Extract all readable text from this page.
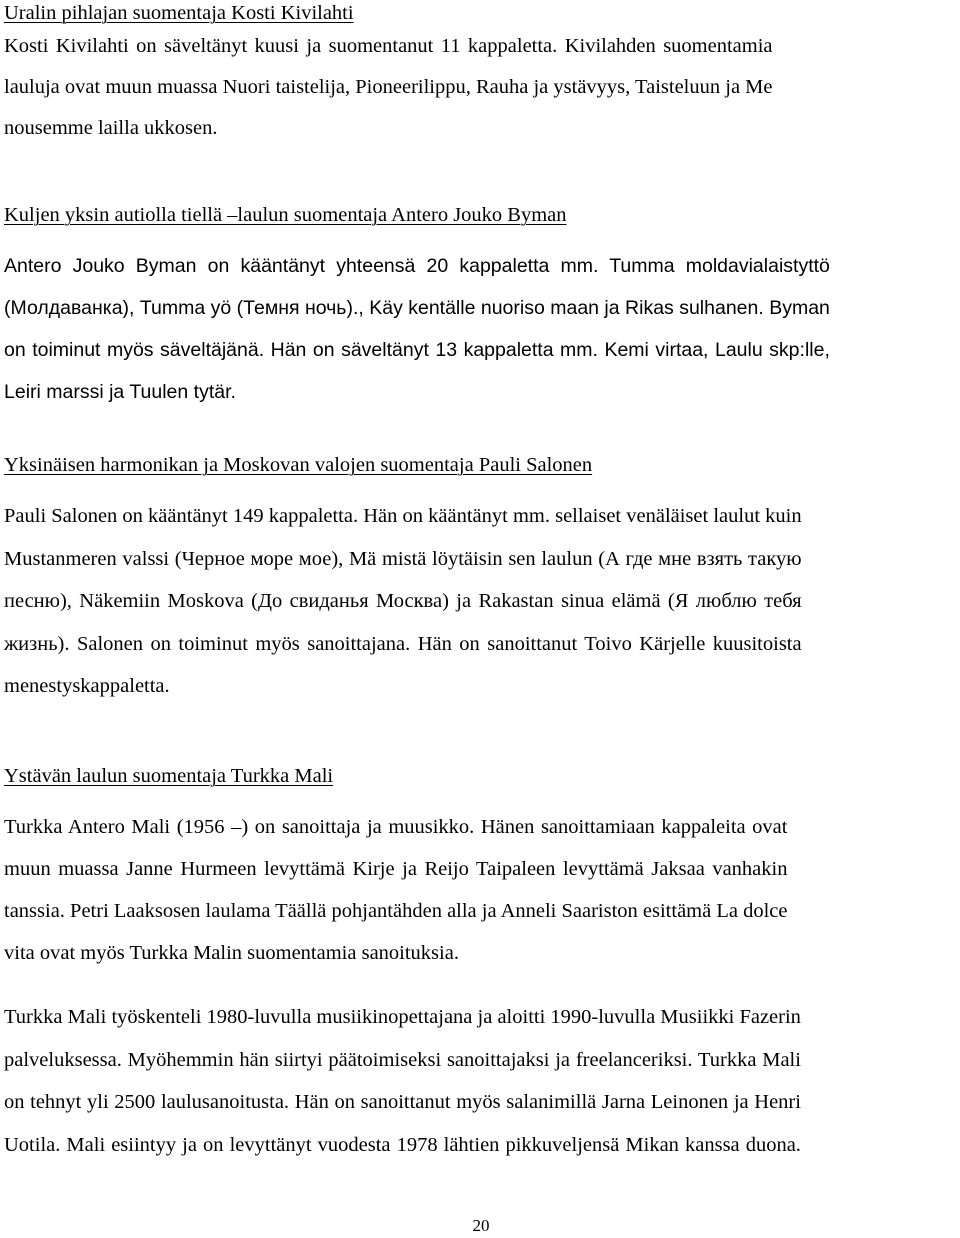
Uralin pihlajan suomentaja Kosti Kivilahti

Kosti Kivilahti on säveltänyt kuusi ja suomentanut 11 kappaletta. Kivilahden suomentamia
lauluja ovat muun muassa Nuori taistelija, Pioneerilippu, Rauha ja ystävyys, Taisteluun ja Me
nousemme lailla ukkosen.

Kuljen yksin autiolla tiellä –laulun suomentaja Antero Jouko Byman

Antero Jouko Byman on kääntänyt yhteensä 20 kappaletta mm. Tumma moldavialaistyttö
(Молдаванка), Tumma yö (Темня ночь)., Käy kentälle nuoriso maan ja Rikas sulhanen. Byman
on toiminut myös säveltäjänä. Hän on säveltänyt 13 kappaletta mm. Kemi virtaa, Laulu skp:lle,
Leiri marssi ja Tuulen tytär.

Yksinäisen harmonikan ja Moskovan valojen suomentaja Pauli Salonen

Pauli Salonen on kääntänyt 149 kappaletta. Hän on kääntänyt mm. sellaiset venäläiset laulut kuin
Mustanmeren valssi (Черное море мое), Mä mistä löytäisin sen laulun (А где мне взять такую
песню), Näkemiin Moskova (До свиданья Москва) ja Rakastan sinua elämä (Я люблю тебя
жизнь). Salonen on toiminut myös sanoittajana. Hän on sanoittanut Toivo Kärjelle kuusitoista
menestyskappaletta.

Ystävän laulun suomentaja Turkka Mali

Turkka Antero Mali (1956 –) on sanoittaja ja muusikko. Hänen sanoittamiaan kappaleita ovat
muun muassa Janne Hurmeen levyttämä Kirje ja Reijo Taipaleen levyttämä Jaksaa vanhakin
tanssia. Petri Laaksosen laulama Täällä pohjantähden alla ja Anneli Saariston esittämä La dolce
vita ovat myös Turkka Malin suomentamia sanoituksia.
Turkka Mali työskenteli 1980-luvulla musiikinopettajana ja aloitti 1990-luvulla Musiikki Fazerin
palveluksessa. Myöhemmin hän siirtyi päätoimiseksi sanoittajaksi ja freelanceriksi. Turkka Mali
on tehnyt yli 2500 laulusanoitusta. Hän on sanoittanut myös salanimillä Jarna Leinonen ja Henri
Uotila. Mali esiintyy ja on levyttänyt vuodesta 1978 lähtien pikkuveljensä Mikan kanssa duona.
20
